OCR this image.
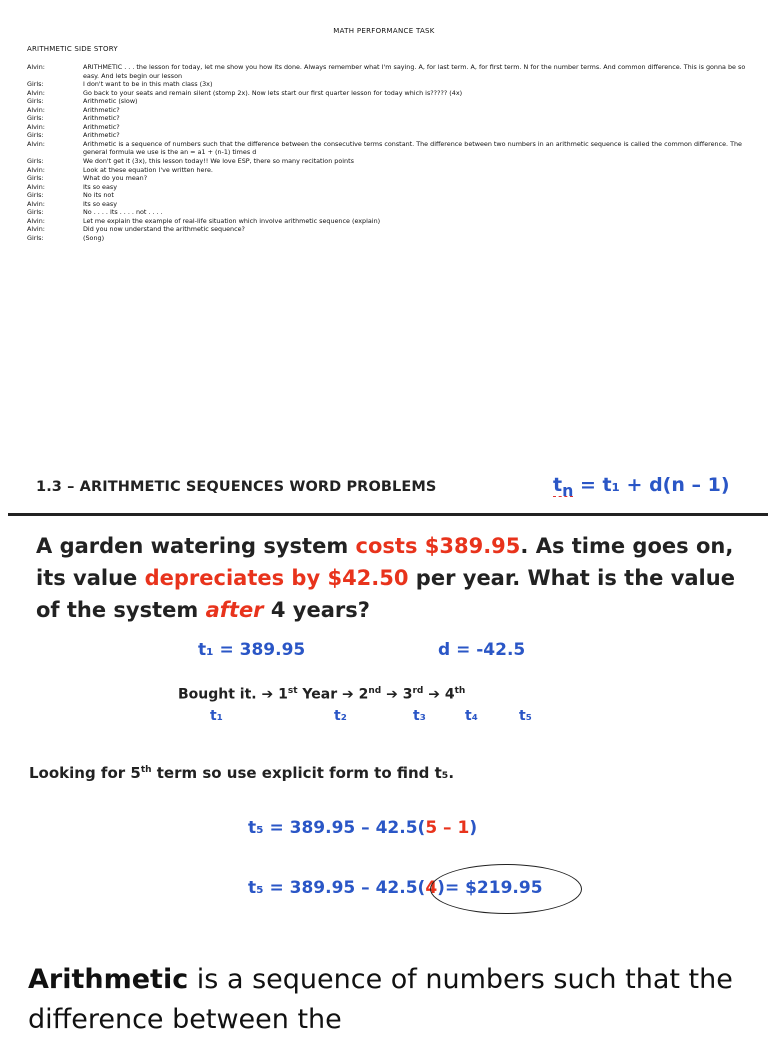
MATH PERFORMANCE TASK
ARITHMETIC SIDE STORY
Alvin:	ARITHMETIC . . . the lesson for today, let me show you how its done. Always remember what I'm saying. A, for last term. A, for first term. N for the number terms. And common difference. This is gonna be so easy. And lets begin our lesson
Girls:	I don't want to be in this math class (3x)
Alvin:	Go back to your seats and remain silent (stomp 2x). Now lets start our first quarter lesson for today which is????? (4x)
Girls:	Arithmetic (slow)
Alvin:	Arithmetic?
Girls:	Arithmetic?
Alvin:	Arithmetic?
Girls:	Arithmetic?
Alvin:	Arithmetic is a sequence of numbers such that the difference between the consecutive terms constant. The difference between two numbers in an arithmetic sequence is called the common difference. The general formula we use is the an = a1 + (n-1) times d
Girls:	We don't get it (3x), this lesson today!! We love ESP, there so many recitation points
Alvin:	Look at these equation I've written here.
Girls:	What do you mean?
Alvin:	Its so easy
Girls:	No its not
Alvin:	Its so easy
Girls:	No . . . . Its . . . . not . . . .
Alvin:	Let me explain the example of real-life situation which involve arithmetic sequence (explain)
Alvin:	Did you now understand the arithmetic sequence?
Girls:	(Song)
1.3 – ARITHMETIC SEQUENCES WORD PROBLEMS	$t_n = t_1 + d(n - 1)$
A garden watering system costs $389.95. As time goes on, its value depreciates by $42.50 per year. What is the value of the system after 4 years?
t₁ = 389.95	d = -42.5
Bought it. ➔ 1st Year ➔ 2nd ➔ 3rd ➔ 4th
t₁	t₂	t₃	t₄	t₅
Looking for 5th term so use explicit form to find t₅.
t₅ = 389.95 – 42.5(5 – 1)
t₅ = 389.95 – 42.5(4)= $219.95
Arithmetic is a sequence of numbers such that the difference between the
